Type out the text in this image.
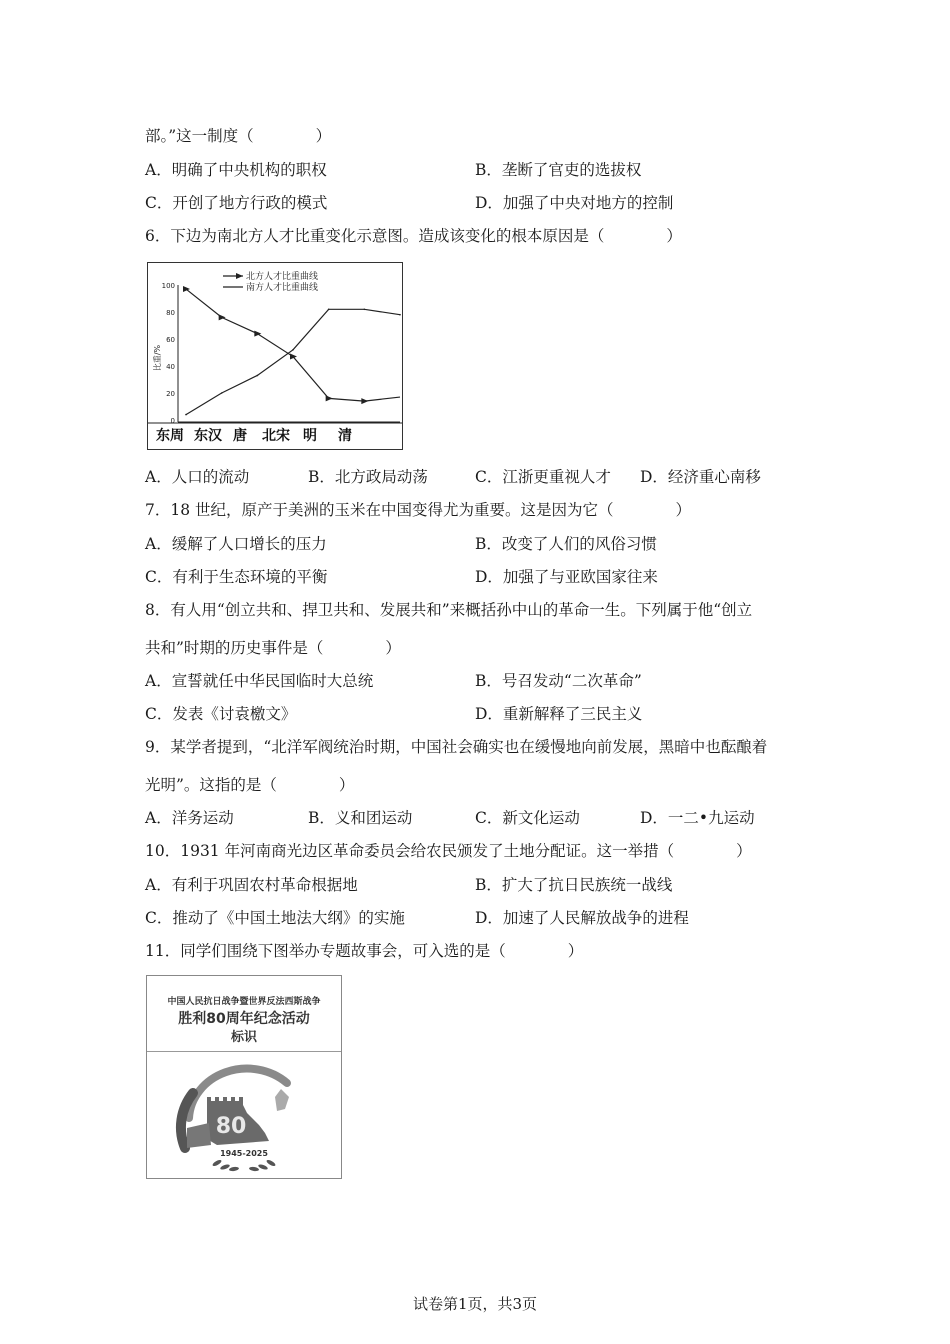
部。”这一制度（　　　　）
A．明确了中央机构的职权	B．垄断了官吏的选拔权
C．开创了地方行政的模式	D．加强了中央对地方的控制
6．下边为南北方人才比重变化示意图。造成该变化的根本原因是（　　　　）
北方人才比重曲线
南方人才比重曲线
比重/%
0
20
40
60
80
100
东周 东汉 唐 北宋 明 清
A．人口的流动	B．北方政局动荡	C．江浙更重视人才 D．经济重心南移
7．18 世纪，原产于美洲的玉米在中国变得尤为重要。这是因为它（　　　　）
A．缓解了人口增长的压力	B．改变了人们的风俗习惯
C．有利于生态环境的平衡	D．加强了与亚欧国家往来
8．有人用“创立共和、捍卫共和、发展共和”来概括孙中山的革命一生。下列属于他“创立
共和”时期的历史事件是（　　　　）
A．宣誓就任中华民国临时大总统	B．号召发动“二次革命”
C．发表《讨袁檄文》	D．重新解释了三民主义
9．某学者提到，“北洋军阀统治时期，中国社会确实也在缓慢地向前发展，黑暗中也酝酿着
光明”。这指的是（　　　　）
A．洋务运动	B．义和团运动	C．新文化运动	D．一二•九运动
10．1931 年河南商光边区革命委员会给农民颁发了土地分配证。这一举措（　　　　）
A．有利于巩固农村革命根据地	B．扩大了抗日民族统一战线
C．推动了《中国土地法大纲》的实施	D．加速了人民解放战争的进程
11．同学们围绕下图举办专题故事会，可入选的是（　　　　）
中国人民抗日战争暨世界反法西斯战争
胜利80周年纪念活动
标识
80
1945-2025
试卷第1页，共3页
